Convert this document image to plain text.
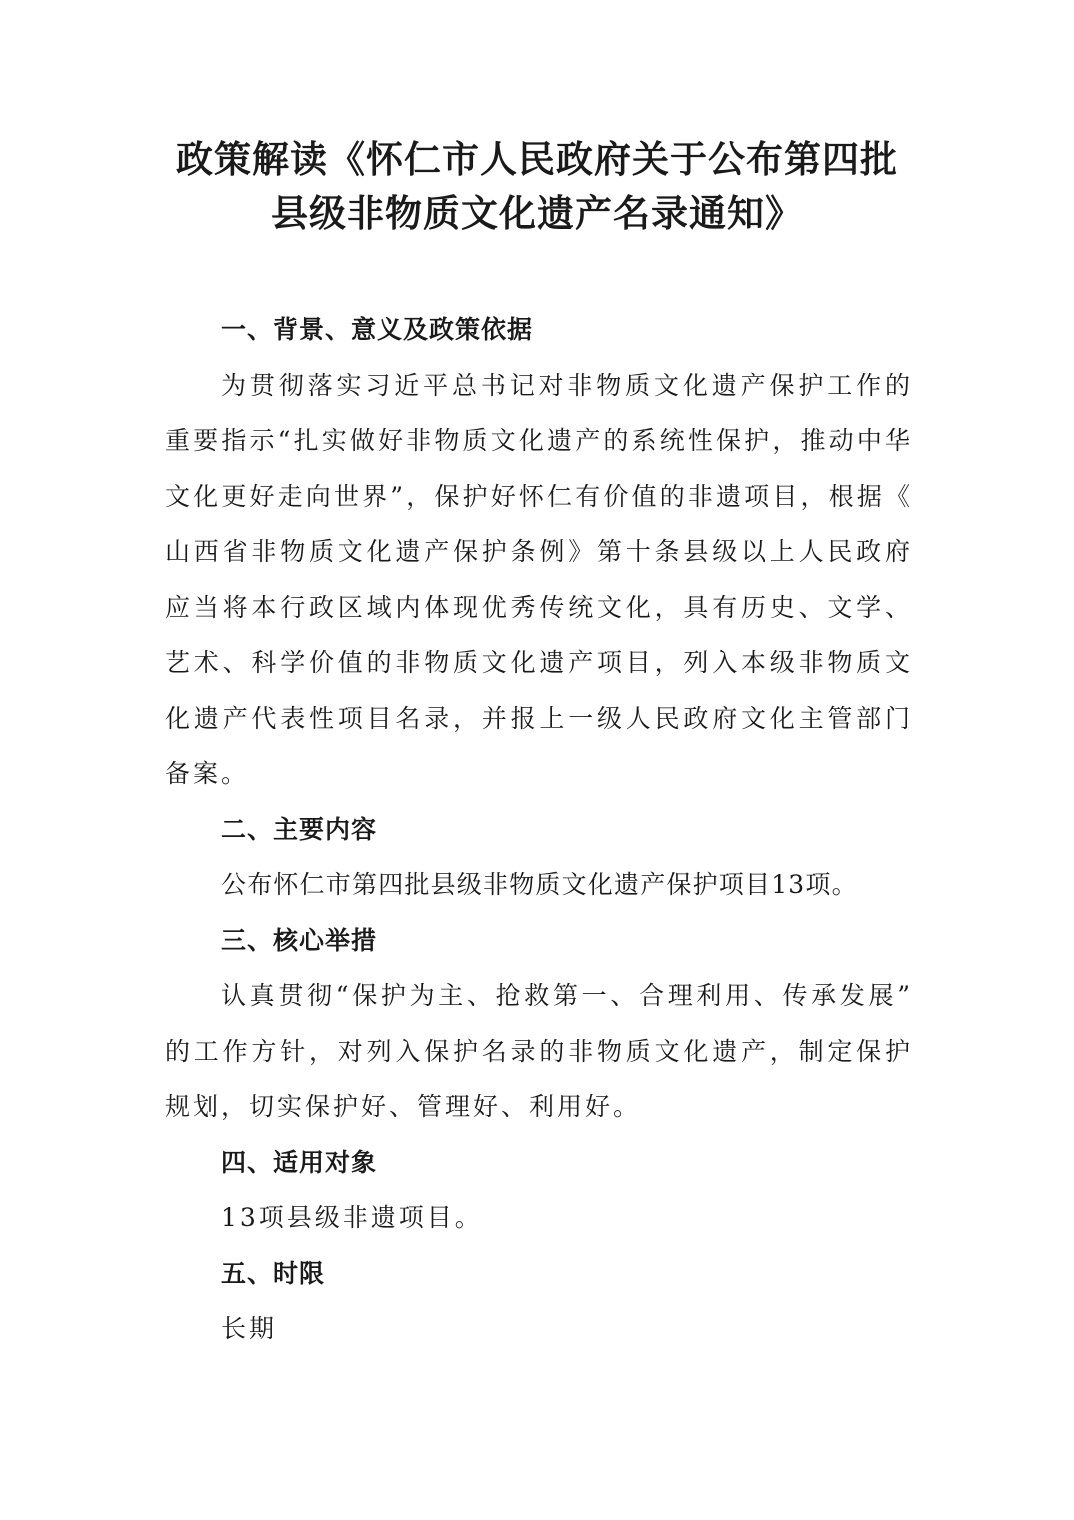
政策解读《怀仁市人民政府关于公布第四批
县级非物质文化遗产名录通知》
一、背景、意义及政策依据

为贯彻落实习近平总书记对非物质文化遗产保护工作的重要指示“扎实做好非物质文化遗产的系统性保护，推动中华文化更好走向世界”，保护好怀仁有价值的非遗项目，根据《山西省非物质文化遗产保护条例》第十条县级以上人民政府应当将本行政区域内体现优秀传统文化，具有历史、文学、艺术、科学价值的非物质文化遗产项目，列入本级非物质文化遗产代表性项目名录，并报上一级人民政府文化主管部门备案。

二、主要内容

公布怀仁市第四批县级非物质文化遗产保护项目13项。

三、核心举措

认真贯彻“保护为主、抢救第一、合理利用、传承发展”的工作方针，对列入保护名录的非物质文化遗产，制定保护规划，切实保护好、管理好、利用好。

四、适用对象

13项县级非遗项目。

五、时限

长期
